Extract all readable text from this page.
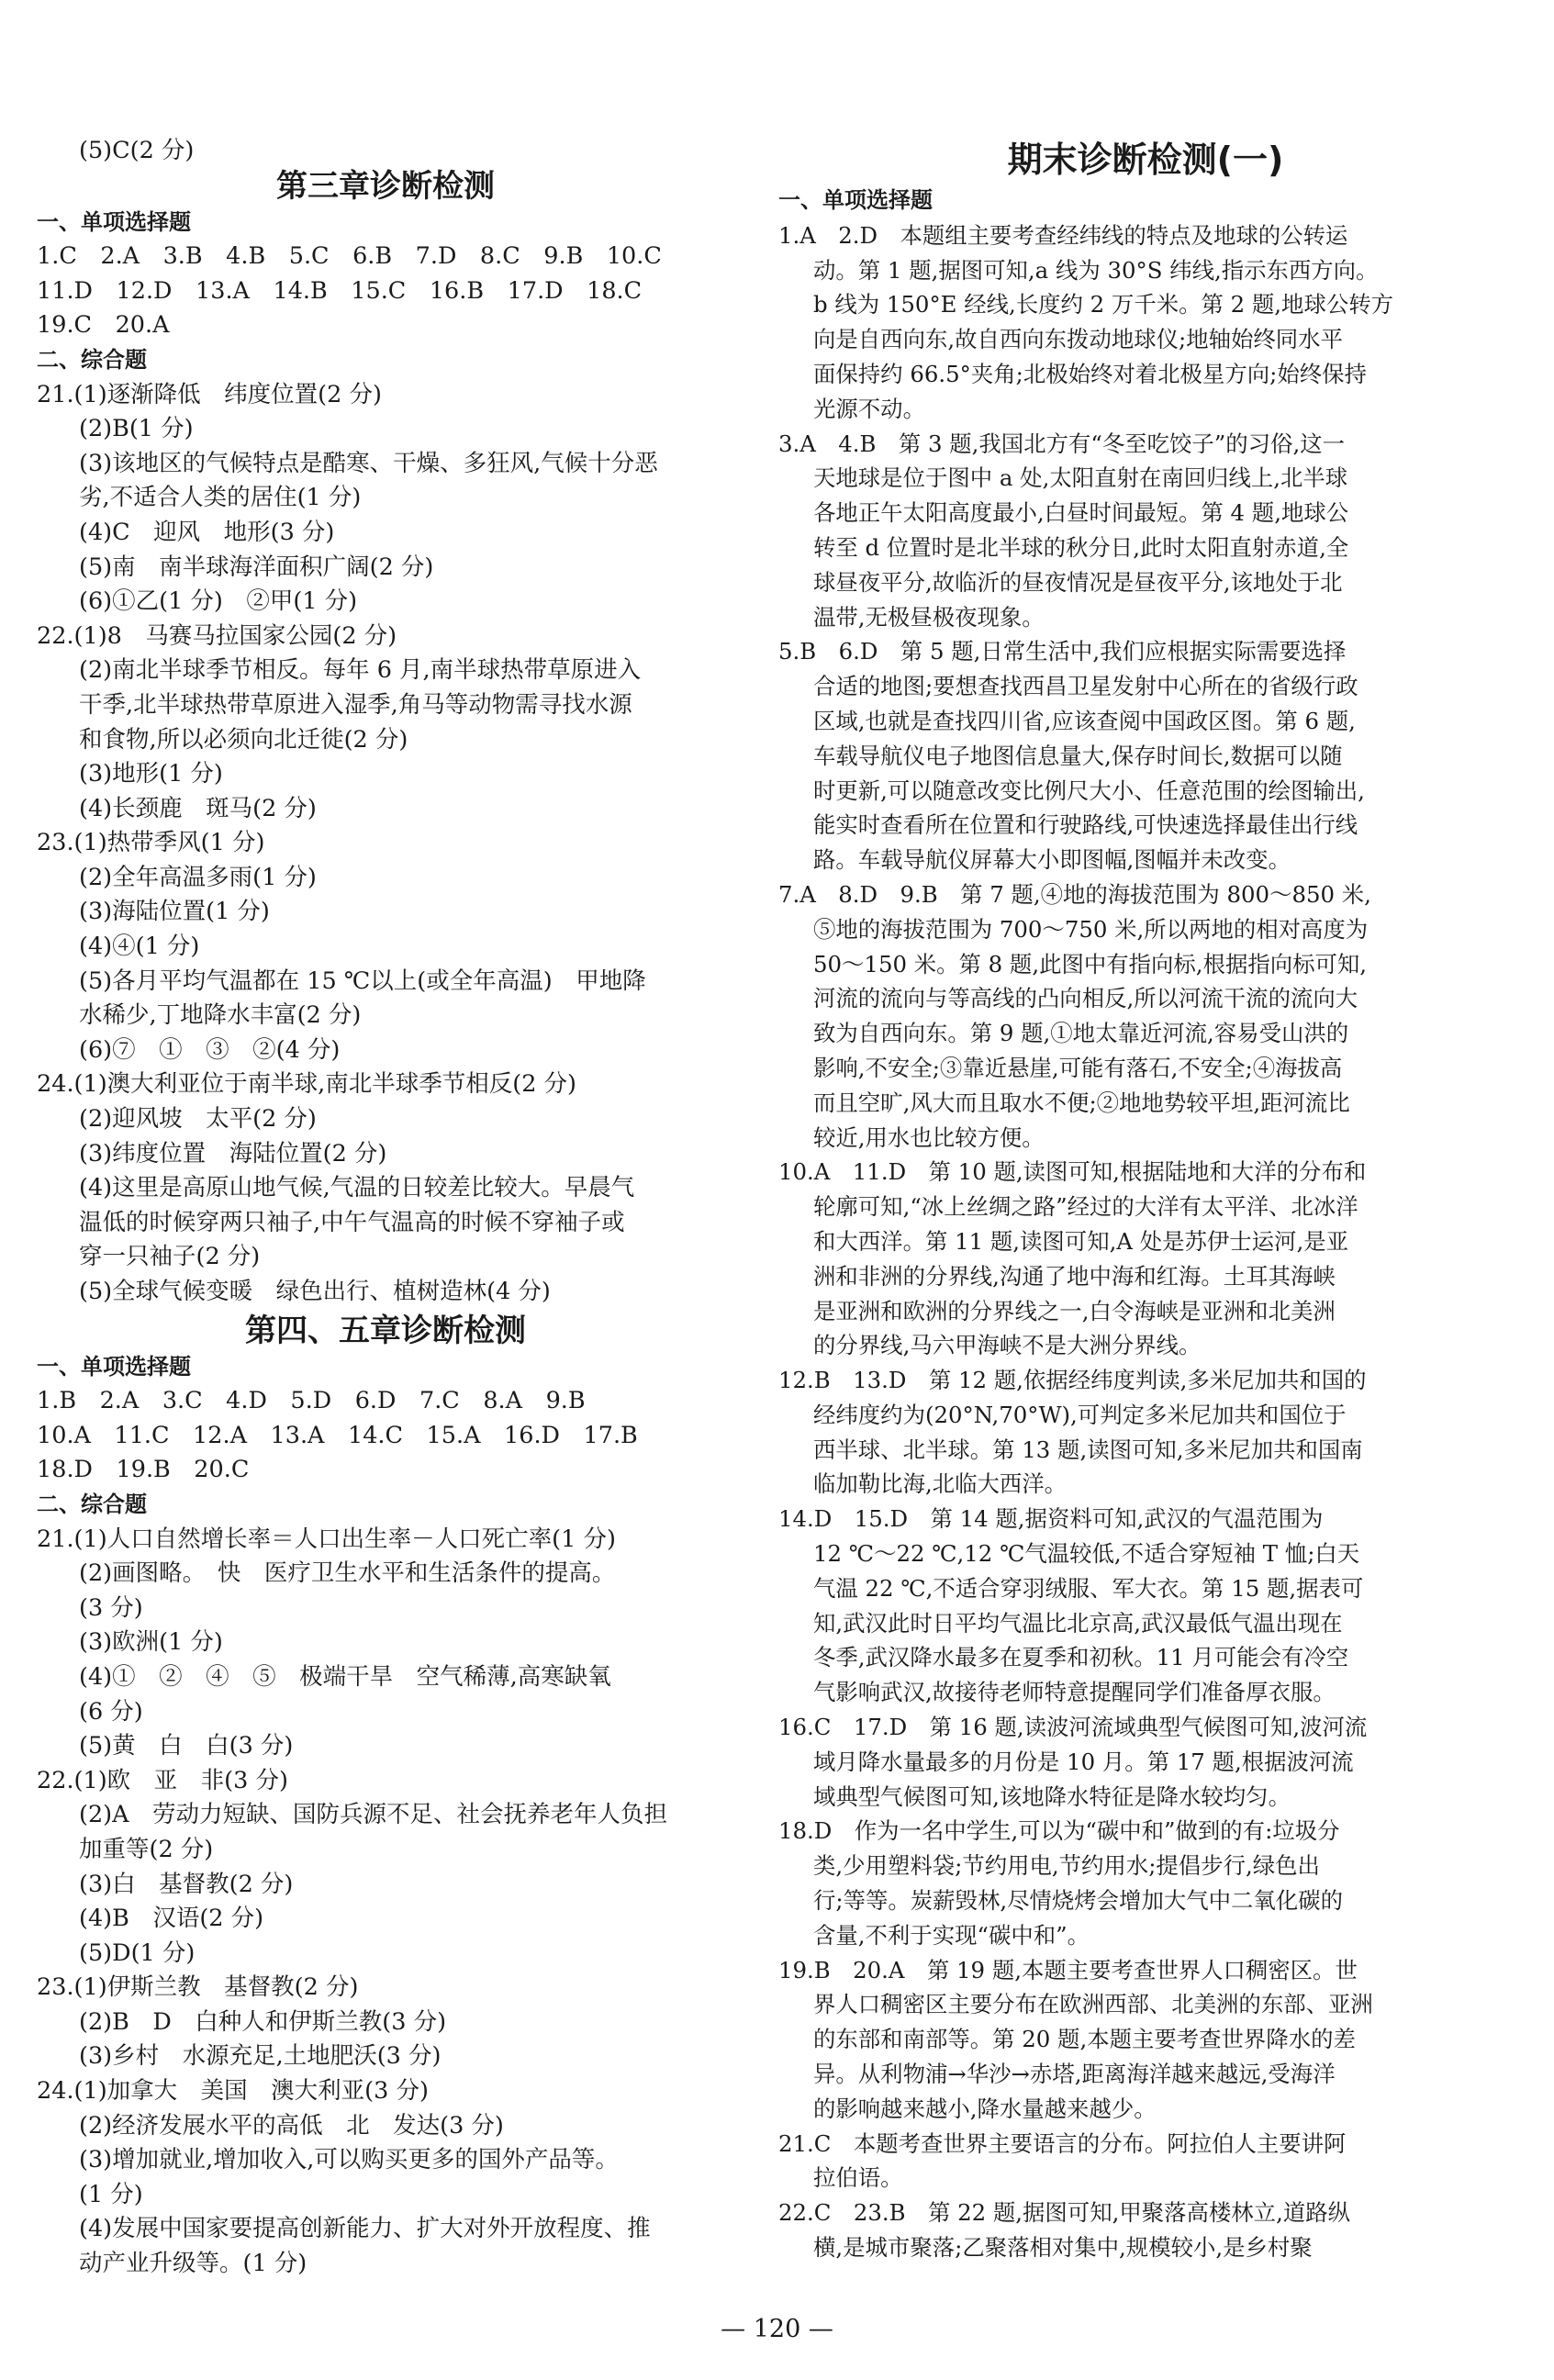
(5)C(2 分)
第三章诊断检测
一、单项选择题
1.C　2.A　3.B　4.B　5.C　6.B　7.D　8.C　9.B　10.C
11.D　12.D　13.A　14.B　15.C　16.B　17.D　18.C
19.C　20.A
二、综合题
21.(1)逐渐降低　纬度位置(2 分)
(2)B(1 分)
(3)该地区的气候特点是酷寒、干燥、多狂风,气候十分恶
劣,不适合人类的居住(1 分)
(4)C　迎风　地形(3 分)
(5)南　南半球海洋面积广阔(2 分)
(6)①乙(1 分)　②甲(1 分)
22.(1)8　马赛马拉国家公园(2 分)
(2)南北半球季节相反。每年 6 月,南半球热带草原进入
干季,北半球热带草原进入湿季,角马等动物需寻找水源
和食物,所以必须向北迁徙(2 分)
(3)地形(1 分)
(4)长颈鹿　斑马(2 分)
23.(1)热带季风(1 分)
(2)全年高温多雨(1 分)
(3)海陆位置(1 分)
(4)④(1 分)
(5)各月平均气温都在 15 ℃以上(或全年高温)　甲地降
水稀少,丁地降水丰富(2 分)
(6)⑦　①　③　②(4 分)
24.(1)澳大利亚位于南半球,南北半球季节相反(2 分)
(2)迎风坡　太平(2 分)
(3)纬度位置　海陆位置(2 分)
(4)这里是高原山地气候,气温的日较差比较大。早晨气
温低的时候穿两只袖子,中午气温高的时候不穿袖子或
穿一只袖子(2 分)
(5)全球气候变暖　绿色出行、植树造林(4 分)
第四、五章诊断检测
一、单项选择题
1.B　2.A　3.C　4.D　5.D　6.D　7.C　8.A　9.B
10.A　11.C　12.A　13.A　14.C　15.A　16.D　17.B
18.D　19.B　20.C
二、综合题
21.(1)人口自然增长率＝人口出生率－人口死亡率(1 分)
(2)画图略。　快　医疗卫生水平和生活条件的提高。
(3 分)
(3)欧洲(1 分)
(4)①　②　④　⑤　极端干旱　空气稀薄,高寒缺氧
(6 分)
(5)黄　白　白(3 分)
22.(1)欧　亚　非(3 分)
(2)A　劳动力短缺、国防兵源不足、社会抚养老年人负担
加重等(2 分)
(3)白　基督教(2 分)
(4)B　汉语(2 分)
(5)D(1 分)
23.(1)伊斯兰教　基督教(2 分)
(2)B　D　白种人和伊斯兰教(3 分)
(3)乡村　水源充足,土地肥沃(3 分)
24.(1)加拿大　美国　澳大利亚(3 分)
(2)经济发展水平的高低　北　发达(3 分)
(3)增加就业,增加收入,可以购买更多的国外产品等。
(1 分)
(4)发展中国家要提高创新能力、扩大对外开放程度、推
动产业升级等。(1 分)
期末诊断检测(一)
一、单项选择题
1.A　2.D　本题组主要考查经纬线的特点及地球的公转运
动。第 1 题,据图可知,a 线为 30°S 纬线,指示东西方向。
b 线为 150°E 经线,长度约 2 万千米。第 2 题,地球公转方
向是自西向东,故自西向东拨动地球仪;地轴始终同水平
面保持约 66.5°夹角;北极始终对着北极星方向;始终保持
光源不动。
3.A　4.B　第 3 题,我国北方有“冬至吃饺子”的习俗,这一
天地球是位于图中 a 处,太阳直射在南回归线上,北半球
各地正午太阳高度最小,白昼时间最短。第 4 题,地球公
转至 d 位置时是北半球的秋分日,此时太阳直射赤道,全
球昼夜平分,故临沂的昼夜情况是昼夜平分,该地处于北
温带,无极昼极夜现象。
5.B　6.D　第 5 题,日常生活中,我们应根据实际需要选择
合适的地图;要想查找西昌卫星发射中心所在的省级行政
区域,也就是查找四川省,应该查阅中国政区图。第 6 题,
车载导航仪电子地图信息量大,保存时间长,数据可以随
时更新,可以随意改变比例尺大小、任意范围的绘图输出,
能实时查看所在位置和行驶路线,可快速选择最佳出行线
路。车载导航仪屏幕大小即图幅,图幅并未改变。
7.A　8.D　9.B　第 7 题,④地的海拔范围为 800～850 米,
⑤地的海拔范围为 700～750 米,所以两地的相对高度为
50～150 米。第 8 题,此图中有指向标,根据指向标可知,
河流的流向与等高线的凸向相反,所以河流干流的流向大
致为自西向东。第 9 题,①地太靠近河流,容易受山洪的
影响,不安全;③靠近悬崖,可能有落石,不安全;④海拔高
而且空旷,风大而且取水不便;②地地势较平坦,距河流比
较近,用水也比较方便。
10.A　11.D　第 10 题,读图可知,根据陆地和大洋的分布和
轮廓可知,“冰上丝绸之路”经过的大洋有太平洋、北冰洋
和大西洋。第 11 题,读图可知,A 处是苏伊士运河,是亚
洲和非洲的分界线,沟通了地中海和红海。土耳其海峡
是亚洲和欧洲的分界线之一,白令海峡是亚洲和北美洲
的分界线,马六甲海峡不是大洲分界线。
12.B　13.D　第 12 题,依据经纬度判读,多米尼加共和国的
经纬度约为(20°N,70°W),可判定多米尼加共和国位于
西半球、北半球。第 13 题,读图可知,多米尼加共和国南
临加勒比海,北临大西洋。
14.D　15.D　第 14 题,据资料可知,武汉的气温范围为
12 ℃～22 ℃,12 ℃气温较低,不适合穿短袖 T 恤;白天
气温 22 ℃,不适合穿羽绒服、军大衣。第 15 题,据表可
知,武汉此时日平均气温比北京高,武汉最低气温出现在
冬季,武汉降水最多在夏季和初秋。11 月可能会有冷空
气影响武汉,故接待老师特意提醒同学们准备厚衣服。
16.C　17.D　第 16 题,读波河流域典型气候图可知,波河流
域月降水量最多的月份是 10 月。第 17 题,根据波河流
域典型气候图可知,该地降水特征是降水较均匀。
18.D　作为一名中学生,可以为“碳中和”做到的有:垃圾分
类,少用塑料袋;节约用电,节约用水;提倡步行,绿色出
行;等等。炭薪毁林,尽情烧烤会增加大气中二氧化碳的
含量,不利于实现“碳中和”。
19.B　20.A　第 19 题,本题主要考查世界人口稠密区。世
界人口稠密区主要分布在欧洲西部、北美洲的东部、亚洲
的东部和南部等。第 20 题,本题主要考查世界降水的差
异。从利物浦→华沙→赤塔,距离海洋越来越远,受海洋
的影响越来越小,降水量越来越少。
21.C　本题考查世界主要语言的分布。阿拉伯人主要讲阿
拉伯语。
22.C　23.B　第 22 题,据图可知,甲聚落高楼林立,道路纵
横,是城市聚落;乙聚落相对集中,规模较小,是乡村聚
— 120 —
